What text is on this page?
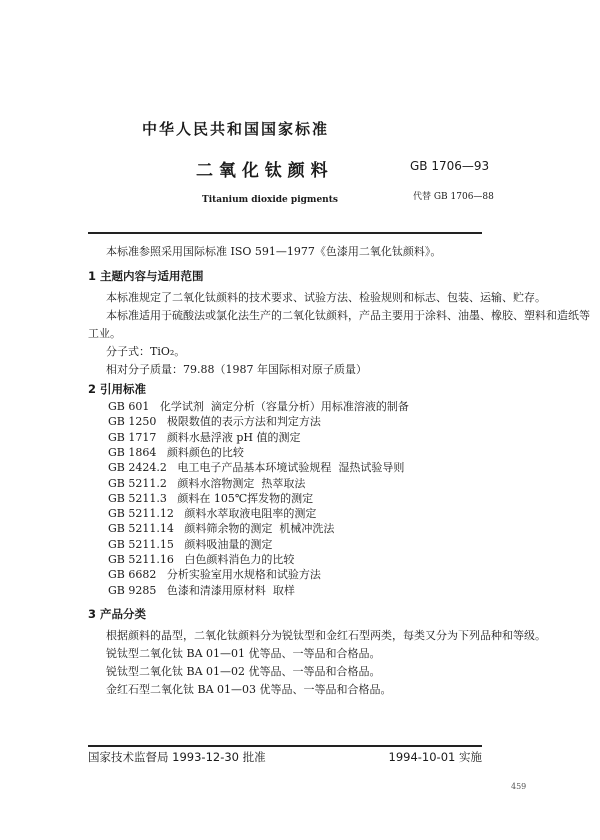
中华人民共和国国家标准
二 氧 化 钛 颜 料
Titanium dioxide pigments
GB 1706—93
代替 GB 1706—88
本标准参照采用国际标准 ISO 591—1977《色漆用二氧化钛颜料》。
1 主题内容与适用范围
本标准规定了二氧化钛颜料的技术要求、试验方法、检验规则和标志、包装、运输、贮存。
本标准适用于硫酸法或氯化法生产的二氧化钛颜料，产品主要用于涂料、油墨、橡胶、塑料和造纸等
工业。
分子式：TiO₂。
相对分子质量：79.88（1987 年国际相对原子质量）
2 引用标准
GB 601   化学试剂  滴定分析（容量分析）用标准溶液的制备
GB 1250   极限数值的表示方法和判定方法
GB 1717   颜料水悬浮液 pH 值的测定
GB 1864   颜料颜色的比较
GB 2424.2   电工电子产品基本环境试验规程  湿热试验导则
GB 5211.2   颜料水溶物测定  热萃取法
GB 5211.3   颜料在 105℃挥发物的测定
GB 5211.12   颜料水萃取液电阻率的测定
GB 5211.14   颜料筛余物的测定  机械冲洗法
GB 5211.15   颜料吸油量的测定
GB 5211.16   白色颜料消色力的比较
GB 6682   分析实验室用水规格和试验方法
GB 9285   色漆和清漆用原材料  取样
3 产品分类
根据颜料的晶型，二氧化钛颜料分为锐钛型和金红石型两类，每类又分为下列品种和等级。
锐钛型二氧化钛 BA 01—01 优等品、一等品和合格品。
锐钛型二氧化钛 BA 01—02 优等品、一等品和合格品。
金红石型二氧化钛 BA 01—03 优等品、一等品和合格品。
国家技术监督局 1993-12-30 批准	1994-10-01 实施
459
